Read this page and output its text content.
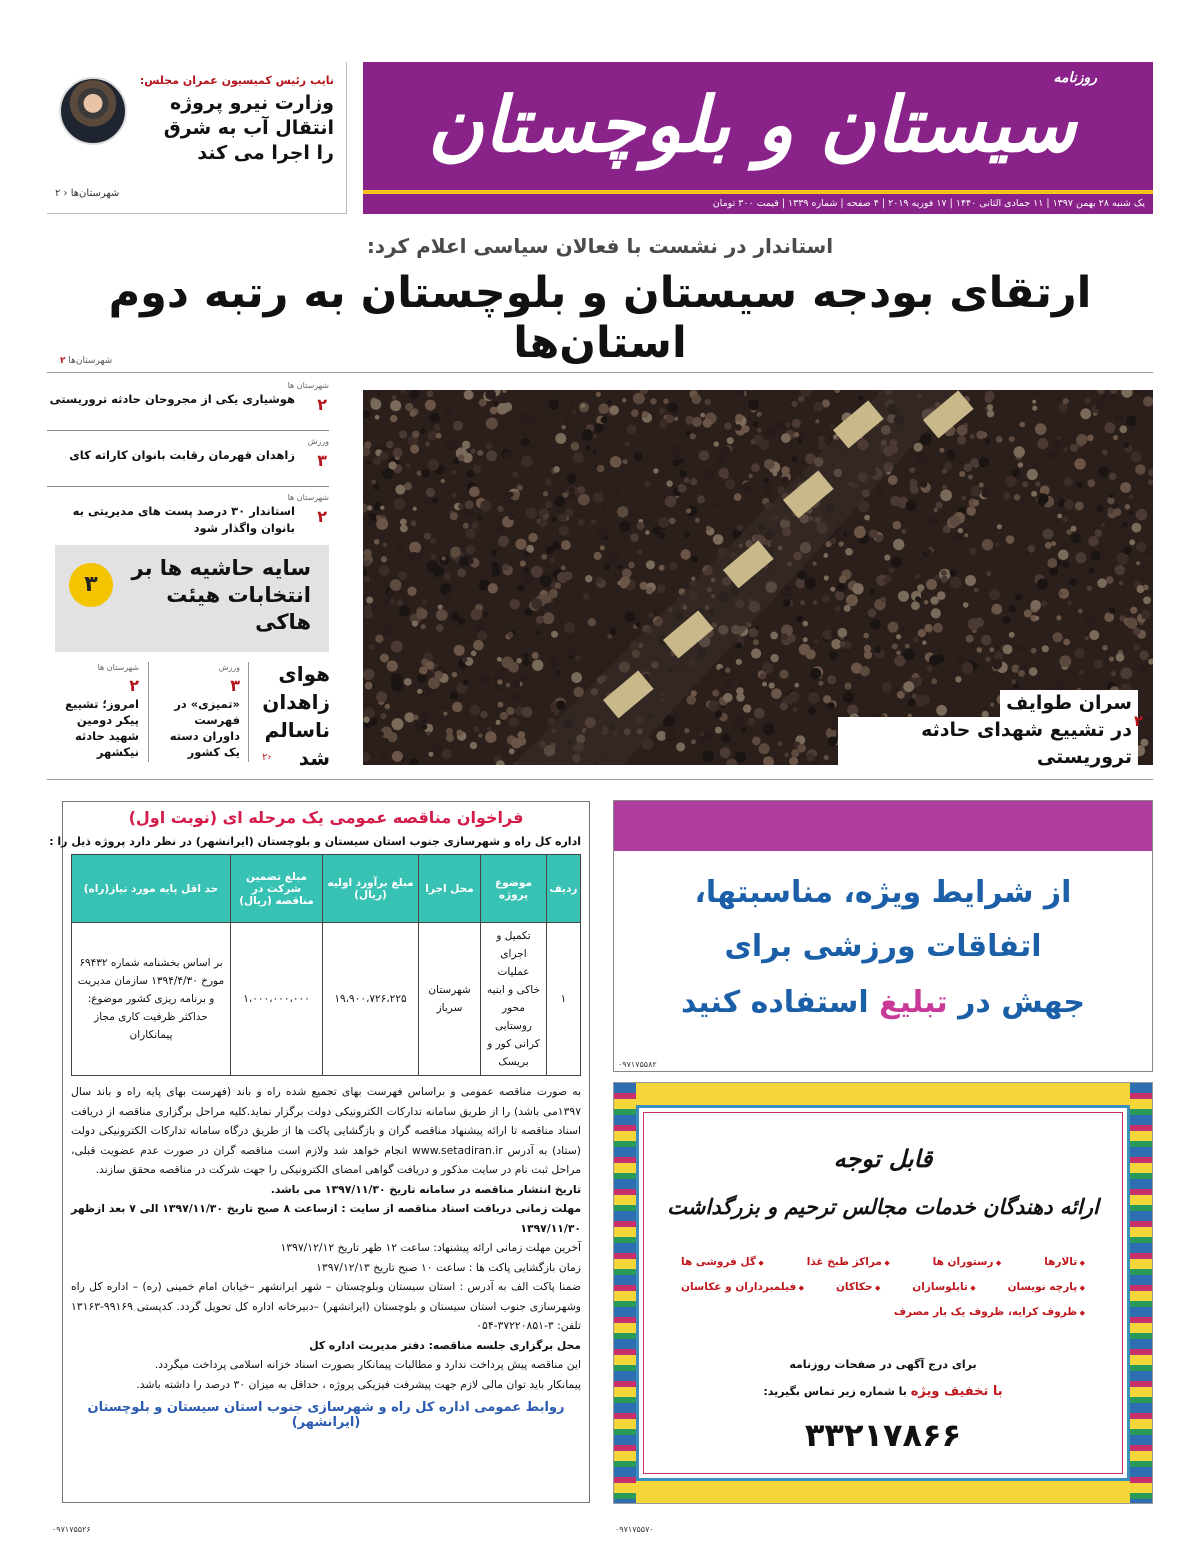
روزنامه
سیستان و بلوچستان
یک شنبه ۲۸ بهمن ۱۳۹۷ | ۱۱ جمادی الثانی ۱۴۴۰ | ۱۷ فوریه ۲۰۱۹ | ۴ صفحه | شماره ۱۳۳۹ | قیمت ۳۰۰ تومان
نایب رئیس کمیسیون عمران مجلس:
وزارت نیرو پروژه انتقال آب به شرق را اجرا می کند
شهرستان‌ها ‹ ۲
استاندار در نشست با فعالان سیاسی اعلام کرد:
ارتقای بودجه سیستان و بلوچستان به رتبه دوم استان‌ها
شهرستان‌ها ۲
شهرستان ها
۲
هوشیاری یکی از مجروحان حادثه تروریستی
ورزش
۳
زاهدان قهرمان رقابت بانوان کاراته کای
شهرستان ها
۲
استاندار ۳۰ درصد پست های مدیریتی به بانوان واگذار شود
۳
سایه حاشیه ها بر انتخابات هیئت هاکی
شهرستان ها
۲
امروز؛ تشییع پیکر دومین شهید حادثه نیکشهر
ورزش
۳
«تمیزی» در فهرست داوران دسته یک کشور
هوای زاهدان ناسالم شد
‹۲
سران طوایف
در تشییع شهدای حادثه تروریستی
۲
فراخوان مناقصه عمومی یک مرحله ای (نوبت اول)
اداره کل راه و شهرسازی جنوب استان سیستان و بلوچستان (ایرانشهر) در نظر دارد پروژه ذیل را :
ردیف	موضوع پروژه	محل اجرا	مبلغ برآورد اولیه (ریال)	مبلغ تضمین شرکت در مناقصه (ریال)	حد اقل پایه مورد نیاز(راه)
۱	تکمیل و اجرای عملیات خاکی و ابنیه محور روستایی کرانی کور و بریسک	شهرستان سرباز	۱۹،۹۰۰،۷۲۶،۲۲۵	۱،۰۰۰،۰۰۰،۰۰۰	بر اساس بخشنامه شماره ۶۹۴۳۲ مورخ ۱۳۹۴/۴/۳۰ سازمان مدیریت و برنامه ریزی کشور موضوع: حداکثر ظرفیت کاری مجاز پیمانکاران

به صورت مناقصه عمومی و براساس فهرست بهای تجمیع شده راه و باند (فهرست بهای پایه راه و باند سال ۱۳۹۷می باشد) را از طریق سامانه تدارکات الکترونیکی دولت برگزار نماید.کلیه مراحل برگزاری مناقصه از دریافت اسناد مناقصه تا ارائه پیشنهاد مناقصه گران و بازگشایی پاکت ها از طریق درگاه سامانه تدارکات الکترونیکی دولت (ستاد) به آدرس www.setadiran.ir انجام خواهد شد ولازم است مناقصه گران در صورت عدم عضویت قبلی، مراحل ثبت نام در سایت مذکور و دریافت گواهی امضای الکترونیکی را جهت شرکت در مناقصه محقق سازند.

تاریخ انتشار مناقصه در سامانه تاریخ ۱۳۹۷/۱۱/۳۰ می باشد.

مهلت زمانی دریافت اسناد مناقصه از سایت : ازساعت ۸ صبح تاریخ ۱۳۹۷/۱۱/۳۰ الی ۷ بعد ازظهر ۱۳۹۷/۱۱/۳۰

آخرین مهلت زمانی ارائه پیشنهاد: ساعت ۱۲ ظهر تاریخ ۱۳۹۷/۱۲/۱۲

زمان بازگشایی پاکت ها : ساعت ۱۰ صبح تاریخ ۱۳۹۷/۱۲/۱۳

ضمنا پاکت الف به آدرس : استان سیستان وبلوچستان – شهر ایرانشهر –خیابان امام خمینی (ره) – اداره کل راه وشهرسازی جنوب استان سیستان و بلوچستان (ایرانشهر) –دبیرخانه اداره کل تحویل گردد. کدپستی ۹۹۱۶۹-۱۳۱۶۳ تلفن: ۳-۳۷۲۲۰۸۵۱-۰۵۴

محل برگزاری جلسه مناقصه: دفتر مدیریت اداره کل

این مناقصه پیش پرداخت ندارد و مطالبات پیمانکار بصورت اسناد خزانه اسلامی پرداخت میگردد.

پیمانکار باید توان مالی لازم جهت پیشرفت فیزیکی پروژه ، حداقل به میزان ۳۰ درصد را داشته باشد.

روابط عمومی اداره کل راه و شهرسازی جنوب استان سیستان و بلوچستان (ایرانشهر)
۰۹۷۱۷۵۵۲۶
از شرایط ویژه، مناسبتها،
اتفاقات ورزشی برای
جهش در تبلیغ استفاده کنید
۰۹۷۱۷۵۵۸۲
قابل توجه
ارائه دهندگان خدمات مجالس ترحیم و بزرگداشت
◆ تالارها
◆ رستوران ها
◆ مراکز طبخ غذا
◆ گل فروشی ها
◆ پارچه نویسان
◆ تابلوسازان
◆ حکاکان
◆ فیلمبرداران و عکاسان
◆ ظروف کرایه، ظروف یک بار مصرف
برای درج آگهی در صفحات روزنامه
با تخفیف ویژه با شماره زیر تماس بگیرید:
۳۳۲۱۷۸۶۶
۰۹۷۱۷۵۵۷۰
